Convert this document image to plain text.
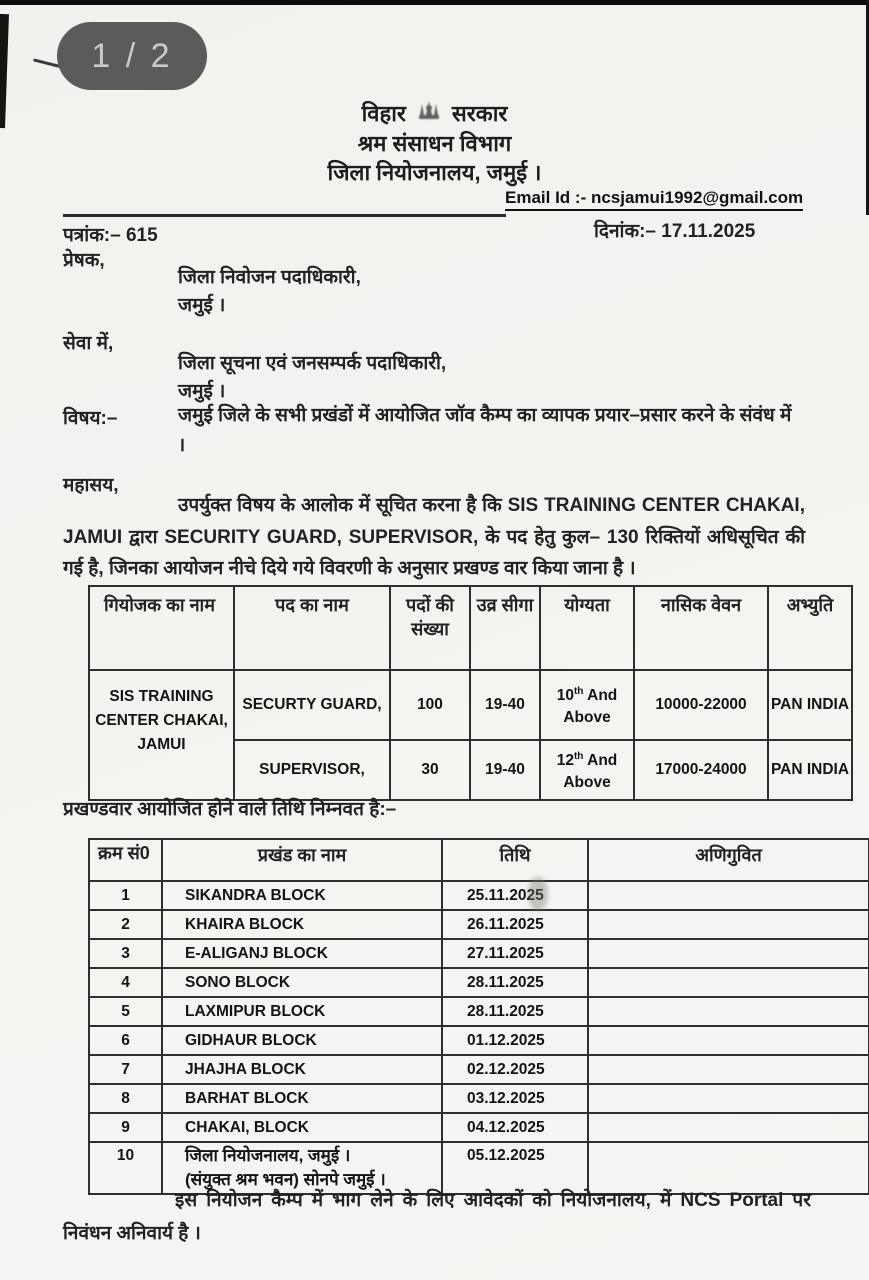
1 / 2
विहार सरकार
श्रम संसाधन विभाग
जिला नियोजनालय, जमुई ।
Email Id :- ncsjamui1992@gmail.com
पत्रांक:– 615	दिनांक:– 17.11.2025
प्रेषक,
जिला निवोजन पदाधिकारी,
जमुई ।
सेवा में,
जिला सूचना एवं जनसम्पर्क पदाधिकारी,
जमुई ।
विषय:–	जमुई जिले के सभी प्रखंडों में आयोजित जॉव कैम्प का व्यापक प्रयार–प्रसार करने के संवंध में ।
महासय,
उपर्युक्त विषय के आलोक में सूचित करना है कि SIS TRAINING CENTER CHAKAI, JAMUI द्वारा SECURITY GUARD, SUPERVISOR, के पद हेतु कुल– 130 रिक्तियों अधिसूचित की गई है, जिनका आयोजन नीचे दिये गये विवरणी के अनुसार प्रखण्ड वार किया जाना है ।
गियोजक का नाम	पद का नाम	पदों की संख्या	उव्र सीगा	योग्यता	नासिक वेवन	अभ्युति
SIS TRAINING CENTER CHAKAI, JAMUI	SECURTY GUARD,	100	19-40	10th And Above	10000-22000	PAN INDIA
	SUPERVISOR,	30	19-40	12th And Above	17000-24000	PAN INDIA
प्रखण्डवार आयोजित होने वाले तिथि निम्नवत है:–
क्रम सं0	प्रखंड का नाम	तिथि	अणिगुवित
1	SIKANDRA BLOCK	25.11.2025	
2	KHAIRA BLOCK	26.11.2025	
3	E-ALIGANJ BLOCK	27.11.2025	
4	SONO BLOCK	28.11.2025	
5	LAXMIPUR BLOCK	28.11.2025	
6	GIDHAUR BLOCK	01.12.2025	
7	JHAJHA BLOCK	02.12.2025	
8	BARHAT BLOCK	03.12.2025	
9	CHAKAI, BLOCK	04.12.2025	
10	जिला नियोजनालय, जमुई ।
(संयुक्त श्रम भवन) सोनपे जमुई ।	05.12.2025	
इस नियोजन कैम्प में भाग लेने के लिए आवेदकों को नियोजनालय, में NCS Portal पर निवंधन अनिवार्य है ।
